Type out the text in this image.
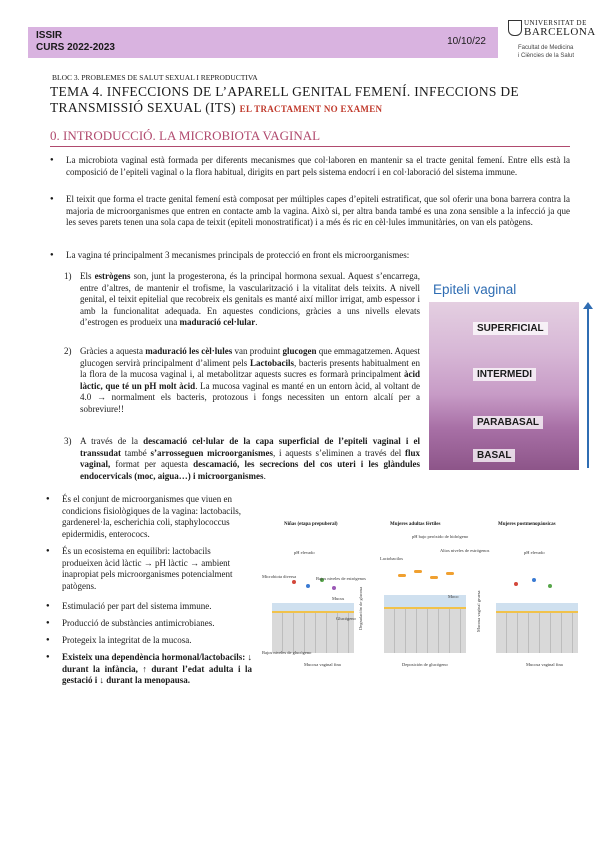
ISSIR
CURS 2022-2023
10/10/22
UNIVERSITAT DE
BARCELONA
Facultat de Medicina
i Ciències de la Salut
BLOC 3. PROBLEMES DE SALUT SEXUAL I REPRODUCTIVA
TEMA 4. INFECCIONS DE L’APARELL GENITAL FEMENÍ. INFECCIONS DE
TRANSMISSIÓ SEXUAL (ITS) EL TRACTAMENT NO EXAMEN
0. INTRODUCCIÓ. LA MICROBIOTA VAGINAL
● La microbiota vaginal està formada per diferents mecanismes que col·laboren en mantenir sa el tracte genital femení. Entre ells està la composició de l’epiteli vaginal o la flora habitual, dirigits en part pels sistema endocrí i en col·laboració del sistema immune.
● El teixit que forma el tracte genital femení està composat per múltiples capes d’epiteli estratificat, que sol oferir una bona barrera contra la majoria de microorganismes que entren en contacte amb la vagina. Això si, per altra banda també es una zona sensible a la infecció ja que les seves parets tenen una sola capa de teixit (epiteli monostratificat) i a més és ric en cèl·lules immunitàries, on van els patògens.
● La vagina té principalment 3 mecanismes principals de protecció en front els microorganismes:
1) Els estrògens son, junt la progesterona, és la principal hormona sexual. Aquest s’encarrega, entre d’altres, de mantenir el trofisme, la vascularització i la vitalitat dels teixits. A nivell genital, el teixit epitelial que recobreix els genitals es manté així millor irrigat, amb espessor i amb la funcionalitat adequada. En aquestes condicions, gràcies a uns nivells elevats d’estrogen es produeix una maduració cel·lular.
2) Gràcies a aquesta maduració les cèl·lules van produint glucogen que emmagatzemen. Aquest glucogen servirà principalment d’aliment pels Lactobacils, bacteris presents habitualment en la flora de la mucosa vaginal i, al metabolitzar aquests sucres es formarà principalment àcid làctic, que té un pH molt àcid. La mucosa vaginal es manté en un entorn àcid, al voltant de 4.0 → normalment els bacteris, protozous i fongs necessiten un entorn alcalí per a sobreviure!!
3) A través de la descamació cel·lular de la capa superficial de l’epiteli vaginal i el transsudat també s’arrosseguen microorganismes, i aquests s’eliminen a través del flux vaginal, format per aquesta descamació, les secrecions del cos uteri i les glàndules endocervicals (moc, aigua…) i microorganismes.
Epiteli vaginal
SUPERFICIAL
INTERMEDI
PARABASAL
BASAL
● És el conjunt de microorganismes que viuen en condicions fisiològiques de la vagina: lactobacils, gardenerel·la, escherichia coli, staphylococcus epidermidis, enterococs.
● És un ecosistema en equilibri: lactobacils produeixen àcid làctic → pH làctic → ambient inapropiat pels microorganismes potencialment patògens.
● Estimulació per part del sistema immune.
● Producció de substàncies antimicrobianes.
● Protegeix la integritat de la mucosa.
● Existeix una dependència hormonal/lactobacils: ↓ durant la infància, ↑ durant l’edat adulta i la gestació i ↓ durant la menopausa.
Niñas (etapa prepuberal)	Mujeres adultas fértiles	Mujeres postmenopáusicas
pH elevado
pH bajo peróxido de hidrógeno
Altos niveles de estrógenos
Lactobacilos
pH elevado
Microbiota diversa	Bajos niveles de estrógenos
Mucus	Moco
Glucógeno
Bajos niveles de glucógeno
Mucosa vaginal fina	Deposición de glucógeno	Mucosa vaginal fina
Degradación de glucosa	Mucosa vaginal gruesa
